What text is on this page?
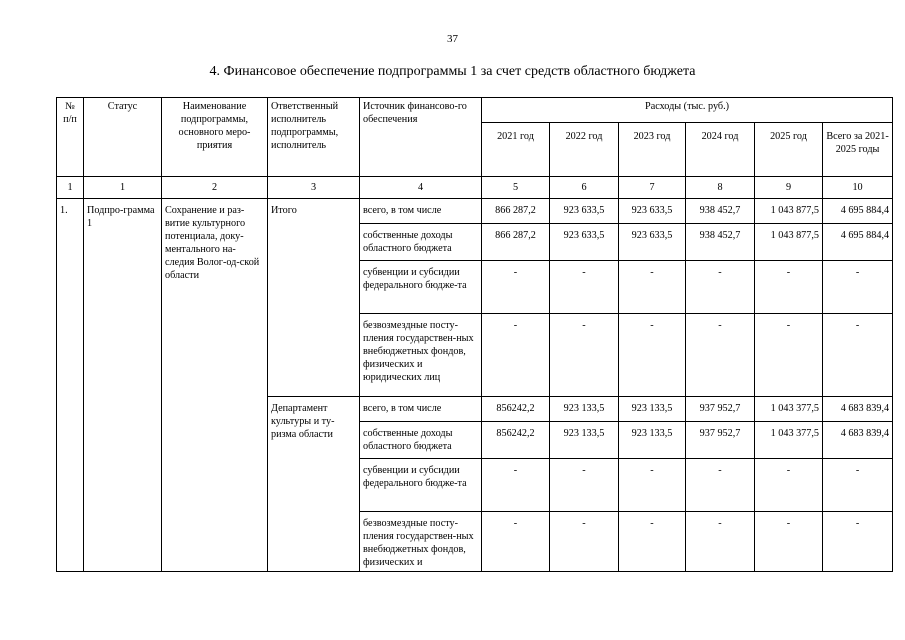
37
4. Финансовое обеспечение подпрограммы 1 за счет средств областного бюджета
№ п/п	Статус	Наименование подпрограммы, основного меро-приятия	Ответственный исполнитель подпрограммы, исполнитель	Источник финансово-го обеспечения	Расходы (тыс. руб.)					
					2021 год	2022 год	2023 год	2024 год	2025 год	Всего за 2021-2025 годы
1	1	2	3	4	5	6	7	8	9	10
1.	Подпро-грамма 1	Сохранение и раз-витие культурного потенциала, доку-ментального на-следия Волог-од-ской области	Итого	всего, в том числе	866 287,2	923 633,5	923 633,5	938 452,7	1 043 877,5	4 695 884,4
				собственные доходы областного бюджета	866 287,2	923 633,5	923 633,5	938 452,7	1 043 877,5	4 695 884,4
				субвенции и субсидии федерального бюдже-та	-	-	-	-	-	-
				безвозмездные посту-пления государствен-ных внебюджетных фондов, физических и юридических лиц	-	-	-	-	-	-
			Департамент культуры и ту-ризма области	всего, в том числе	856242,2	923 133,5	923 133,5	937 952,7	1 043 377,5	4 683 839,4
				собственные доходы областного бюджета	856242,2	923 133,5	923 133,5	937 952,7	1 043 377,5	4 683 839,4
				субвенции и субсидии федерального бюдже-та	-	-	-	-	-	-
				безвозмездные посту-пления государствен-ных внебюджетных фондов, физических и	-	-	-	-	-	-
